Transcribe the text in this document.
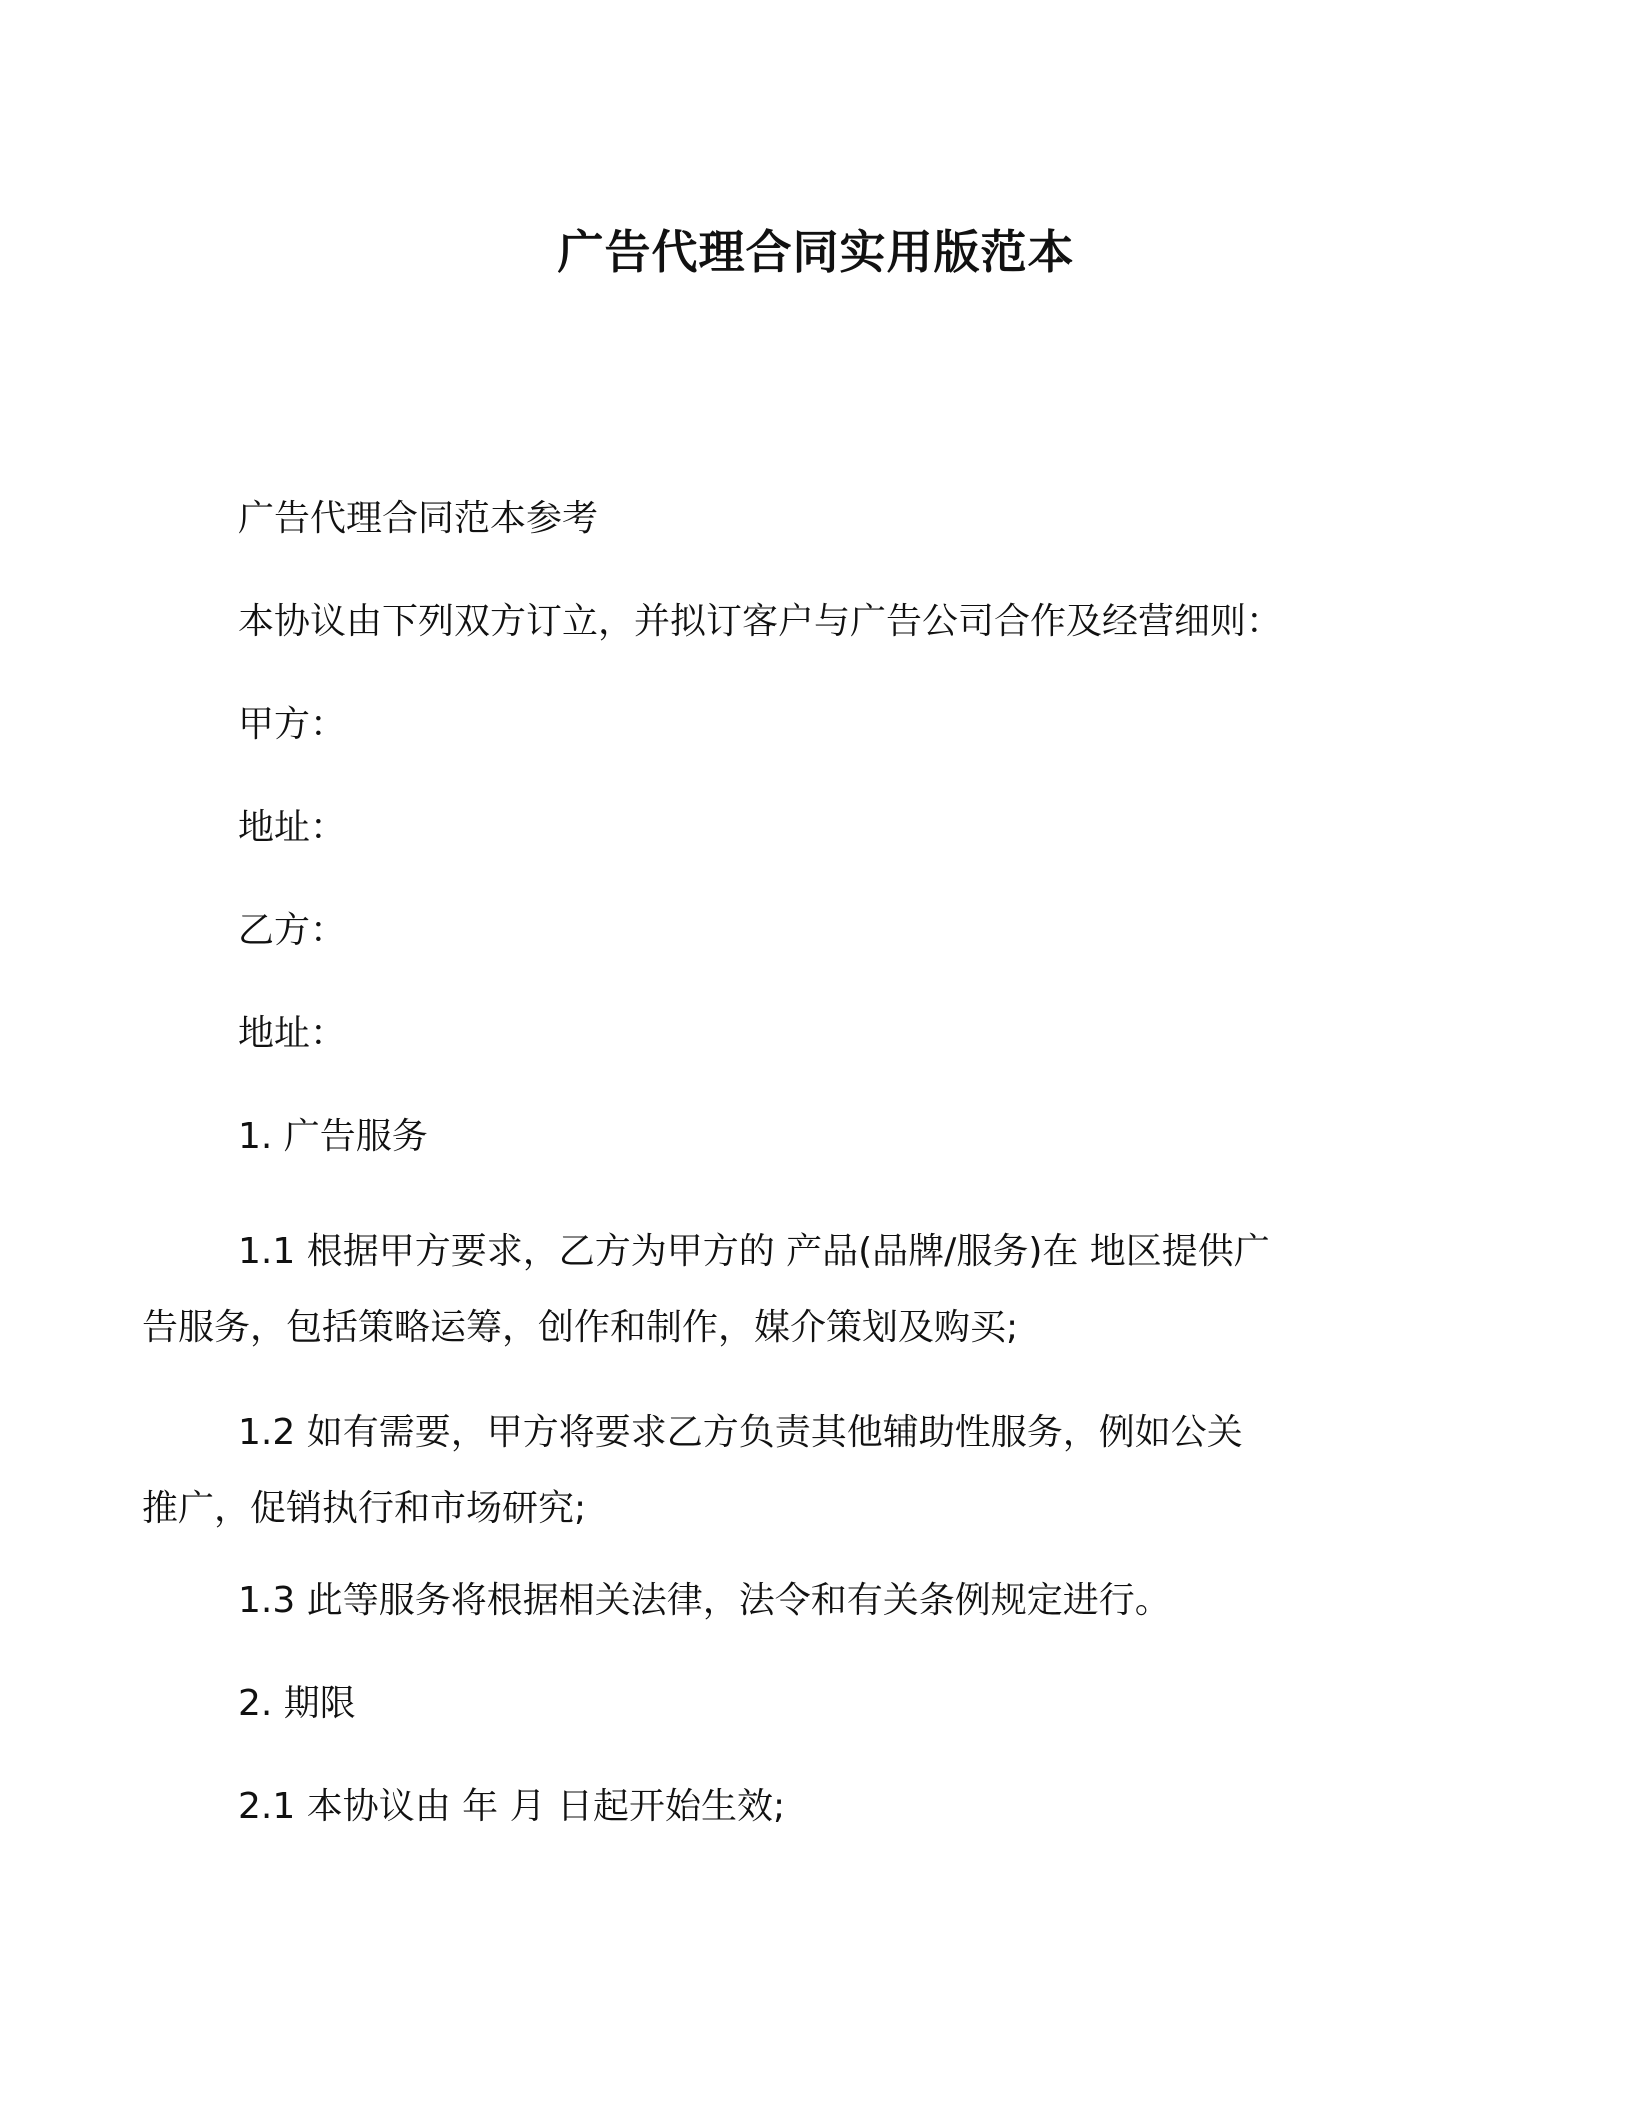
广告代理合同实用版范本
广告代理合同范本参考
本协议由下列双方订立，并拟订客户与广告公司合作及经营细则：
甲方：
地址：
乙方：
地址：
1. 广告服务
1.1 根据甲方要求，乙方为甲方的 产品(品牌/服务)在 地区提供广
告服务，包括策略运筹，创作和制作，媒介策划及购买;
1.2 如有需要，甲方将要求乙方负责其他辅助性服务，例如公关
推广，促销执行和市场研究;
1.3 此等服务将根据相关法律，法令和有关条例规定进行。
2. 期限
2.1 本协议由 年 月 日起开始生效;
